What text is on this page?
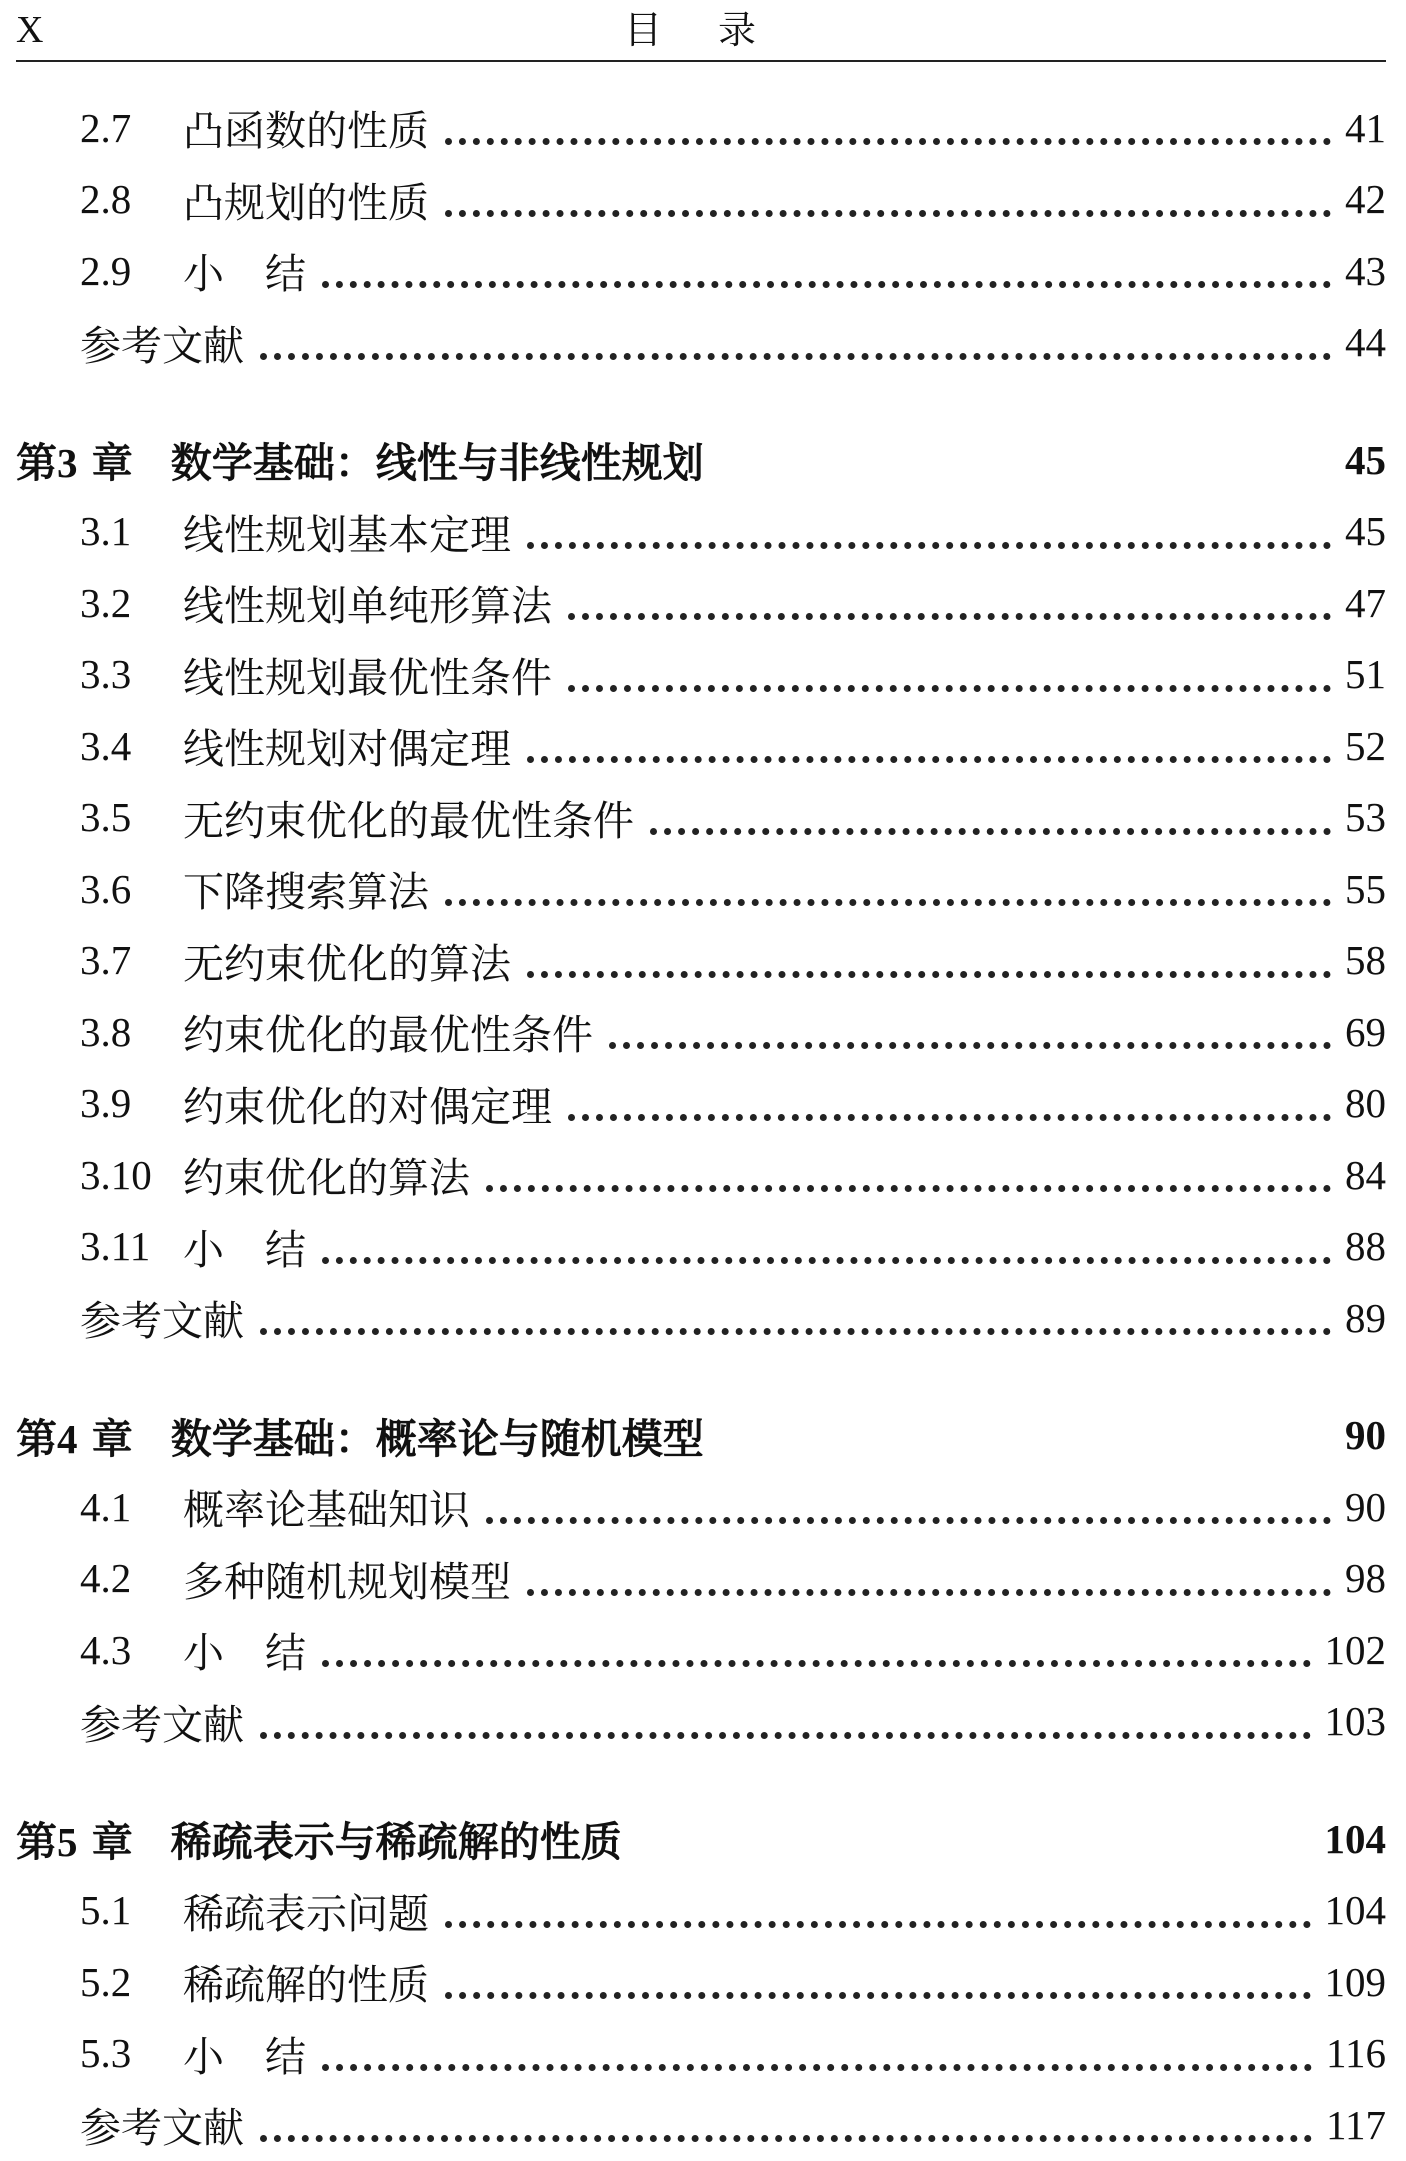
X	目 录
2.7	凸函数的性质	41
2.8	凸规划的性质	42
2.9	小　结	43
参考文献	44
第3 章 数学基础：线性与非线性规划	45
3.1	线性规划基本定理	45
3.2	线性规划单纯形算法	47
3.3	线性规划最优性条件	51
3.4	线性规划对偶定理	52
3.5	无约束优化的最优性条件	53
3.6	下降搜索算法	55
3.7	无约束优化的算法	58
3.8	约束优化的最优性条件	69
3.9	约束优化的对偶定理	80
3.10 约束优化的算法	84
3.11 小　结	88
参考文献	89
第4 章 数学基础：概率论与随机模型	90
4.1	概率论基础知识	90
4.2	多种随机规划模型	98
4.3	小　结	102
参考文献	103
第5 章 稀疏表示与稀疏解的性质	104
5.1	稀疏表示问题	104
5.2	稀疏解的性质	109
5.3	小　结	116
参考文献	117
